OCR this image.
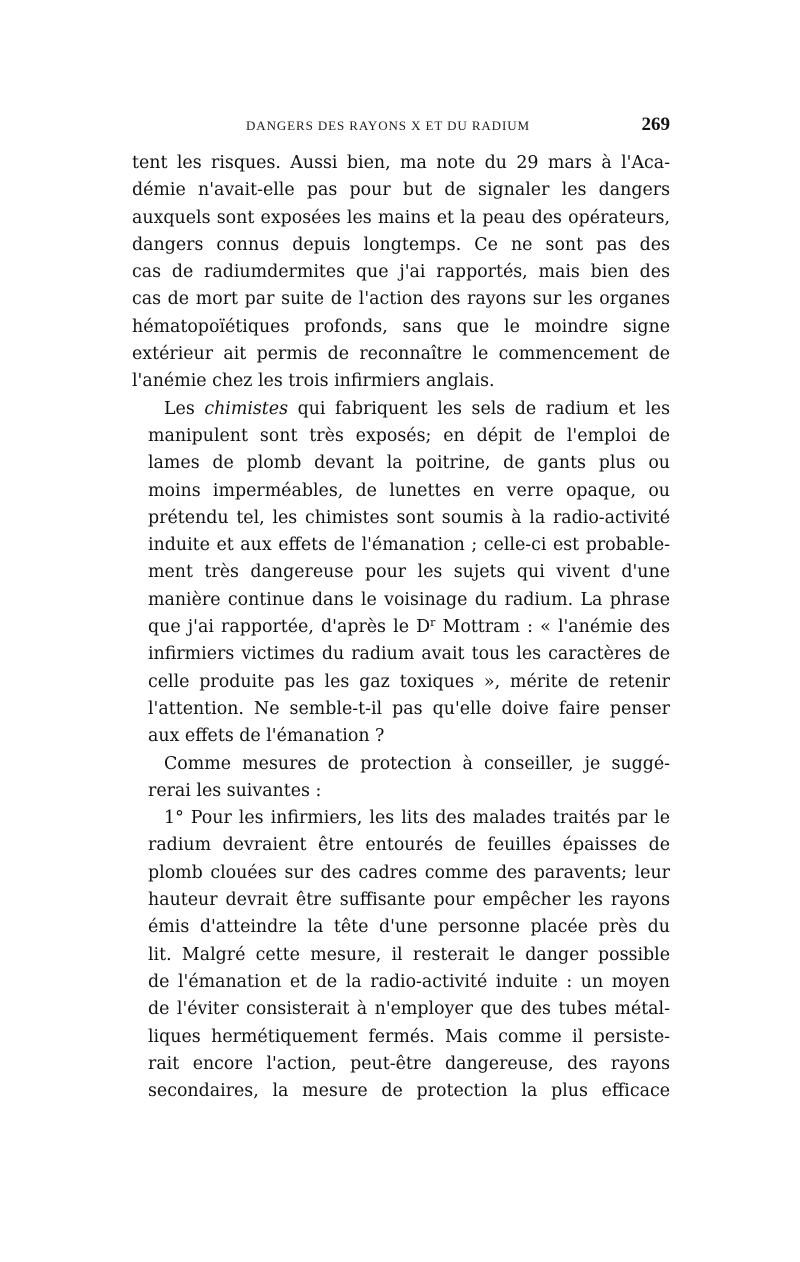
DANGERS DES RAYONS X ET DU RADIUM	269

tent les risques. Aussi bien, ma note du 29 mars à l'Aca-
démie n'avait-elle pas pour but de signaler les dangers
auxquels sont exposées les mains et la peau des opérateurs,
dangers connus depuis longtemps. Ce ne sont pas des
cas de radiumdermites que j'ai rapportés, mais bien des
cas de mort par suite de l'action des rayons sur les organes
hématopoïétiques profonds, sans que le moindre signe
extérieur ait permis de reconnaître le commencement de
l'anémie chez les trois infirmiers anglais.

Les chimistes qui fabriquent les sels de radium et les
manipulent sont très exposés; en dépit de l'emploi de
lames de plomb devant la poitrine, de gants plus ou
moins imperméables, de lunettes en verre opaque, ou
prétendu tel, les chimistes sont soumis à la radio-activité
induite et aux effets de l'émanation ; celle-ci est probable-
ment très dangereuse pour les sujets qui vivent d'une
manière continue dans le voisinage du radium. La phrase
que j'ai rapportée, d'après le $D^r$ Mottram : « l'anémie des
infirmiers victimes du radium avait tous les caractères de
celle produite pas les gaz toxiques », mérite de retenir
l'attention. Ne semble-t-il pas qu'elle doive faire penser
aux effets de l'émanation ?

Comme mesures de protection à conseiller, je suggé-
rerai les suivantes :

1° Pour les infirmiers, les lits des malades traités par le
radium devraient être entourés de feuilles épaisses de
plomb clouées sur des cadres comme des paravents; leur
hauteur devrait être suffisante pour empêcher les rayons
émis d'atteindre la tête d'une personne placée près du
lit. Malgré cette mesure, il resterait le danger possible
de l'émanation et de la radio-activité induite : un moyen
de l'éviter consisterait à n'employer que des tubes métal-
liques hermétiquement fermés. Mais comme il persiste-
rait encore l'action, peut-être dangereuse, des rayons
secondaires, la mesure de protection la plus efficace
